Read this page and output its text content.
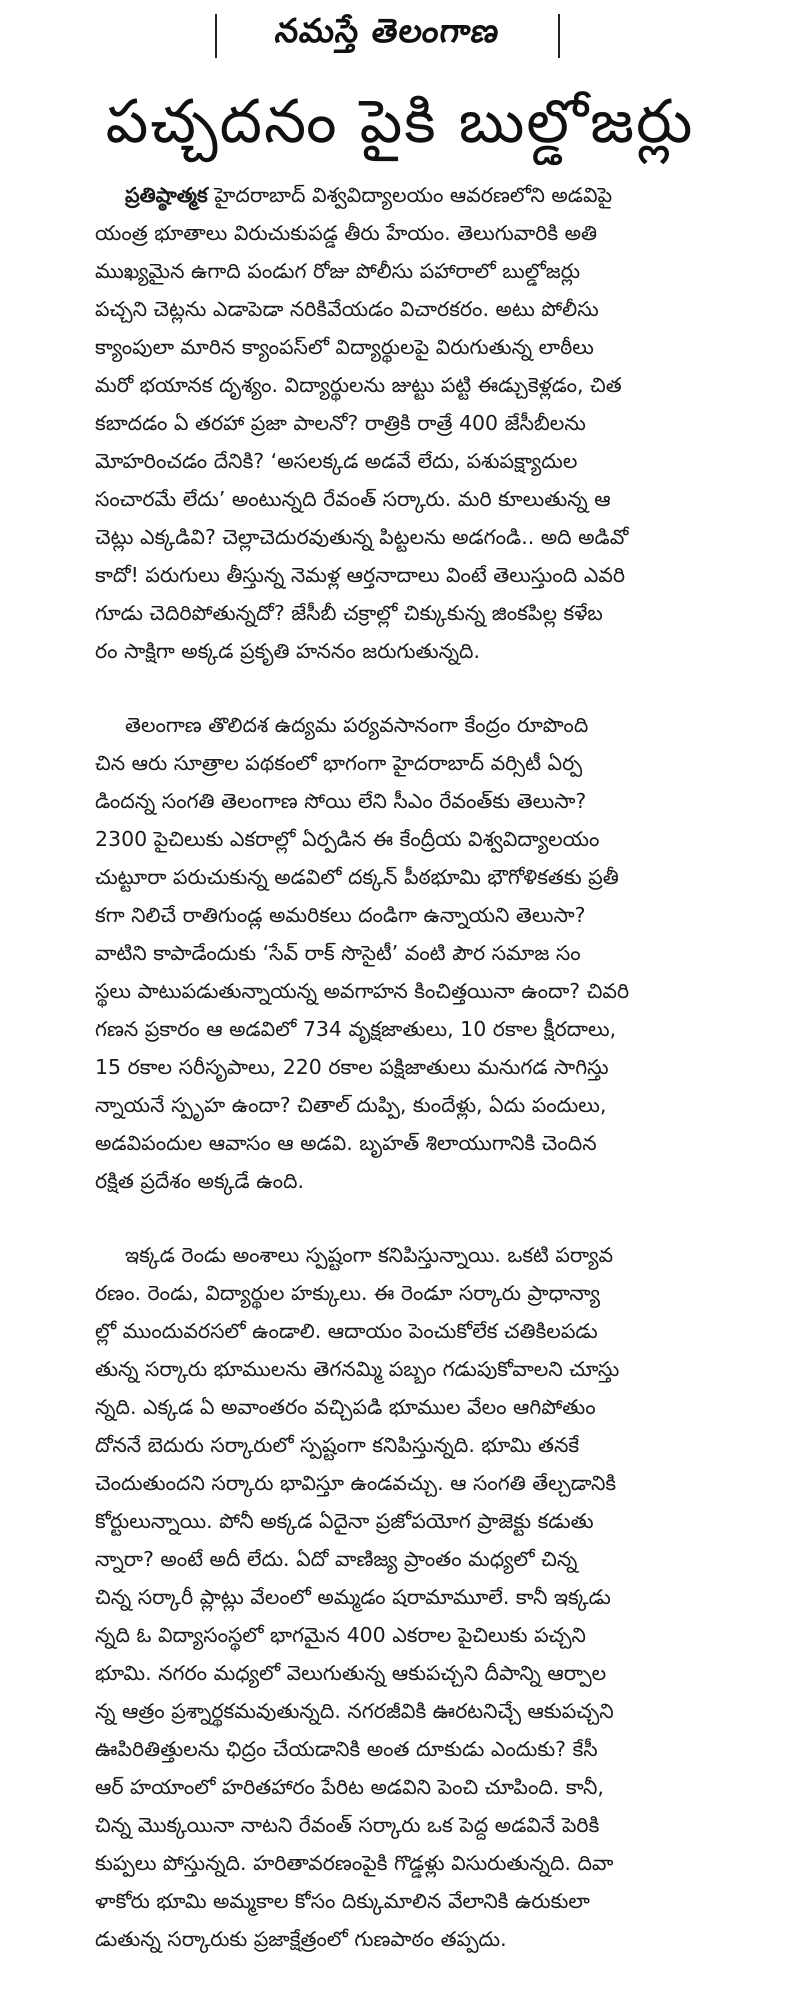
నమస్తే తెలంగాణ
పచ్చదనం పైకి బుల్డోజర్లు
ప్రతిష్ఠాత్మక హైదరాబాద్ విశ్వవిద్యాలయం ఆవరణలోని అడవిపై
యంత్ర భూతాలు విరుచుకుపడ్డ తీరు హేయం. తెలుగువారికి అతి
ముఖ్యమైన ఉగాది పండుగ రోజు పోలీసు పహారాలో బుల్డోజర్లు
పచ్చని చెట్లను ఎడాపెడా నరికివేయడం విచారకరం. అటు పోలీసు
క్యాంపులా మారిన క్యాంపస్‌లో విద్యార్థులపై విరుగుతున్న లాఠీలు
మరో భయానక దృశ్యం. విద్యార్థులను జుట్టు పట్టి ఈడ్చుకెళ్లడం, చిత
కబాదడం ఏ తరహా ప్రజా పాలనో? రాత్రికి రాత్రే 400 జేసీబీలను
మోహరించడం దేనికి? ‘అసలక్కడ అడవే లేదు, పశుపక్ష్యాదుల
సంచారమే లేదు’ అంటున్నది రేవంత్ సర్కారు. మరి కూలుతున్న ఆ
చెట్లు ఎక్కడివి? చెల్లాచెదురవుతున్న పిట్టలను అడగండి.. అది అడివో
కాదో! పరుగులు తీస్తున్న నెమళ్ల ఆర్తనాదాలు వింటే తెలుస్తుంది ఎవరి
గూడు చెదిరిపోతున్నదో? జేసీబీ చక్రాల్లో చిక్కుకున్న జింకపిల్ల కళేబ
రం సాక్షిగా అక్కడ ప్రకృతి హననం జరుగుతున్నది.
తెలంగాణ తొలిదశ ఉద్యమ పర్యవసానంగా కేంద్రం రూపొంది
చిన ఆరు సూత్రాల పథకంలో భాగంగా హైదరాబాద్ వర్సిటీ ఏర్ప
డిందన్న సంగతి తెలంగాణ సోయి లేని సీఎం రేవంత్‌కు తెలుసా?
2300 పైచిలుకు ఎకరాల్లో ఏర్పడిన ఈ కేంద్రీయ విశ్వవిద్యాలయం
చుట్టూరా పరుచుకున్న అడవిలో దక్కన్ పీఠభూమి భౌగోళికతకు ప్రతీ
కగా నిలిచే రాతిగుండ్ల అమరికలు దండిగా ఉన్నాయని తెలుసా?
వాటిని కాపాడేందుకు ‘సేవ్ రాక్ సొసైటీ’ వంటి పౌర సమాజ సం
స్థలు పాటుపడుతున్నాయన్న అవగాహన కించిత్తయినా ఉందా? చివరి
గణన ప్రకారం ఆ అడవిలో 734 వృక్షజాతులు, 10 రకాల క్షీరదాలు,
15 రకాల సరీసృపాలు, 220 రకాల పక్షిజాతులు మనుగడ సాగిస్తు
న్నాయనే స్పృహ ఉందా? చితాల్ దుప్పి, కుందేళ్లు, ఏదు పందులు,
అడవిపందుల ఆవాసం ఆ అడవి. బృహత్ శిలాయుగానికి చెందిన
రక్షిత ప్రదేశం అక్కడే ఉంది.
ఇక్కడ రెండు అంశాలు స్పష్టంగా కనిపిస్తున్నాయి. ఒకటి పర్యావ
రణం. రెండు, విద్యార్థుల హక్కులు. ఈ రెండూ సర్కారు ప్రాధాన్యా
ల్లో ముందువరసలో ఉండాలి. ఆదాయం పెంచుకోలేక చతికిలపడు
తున్న సర్కారు భూములను తెగనమ్మి పబ్బం గడుపుకోవాలని చూస్తు
న్నది. ఎక్కడ ఏ అవాంతరం వచ్చిపడి భూముల వేలం ఆగిపోతుం
దోననే బెదురు సర్కారులో స్పష్టంగా కనిపిస్తున్నది. భూమి తనకే
చెందుతుందని సర్కారు భావిస్తూ ఉండవచ్చు. ఆ సంగతి తేల్చడానికి
కోర్టులున్నాయి. పోనీ అక్కడ ఏదైనా ప్రజోపయోగ ప్రాజెక్టు కడుతు
న్నారా? అంటే అదీ లేదు. ఏదో వాణిజ్య ప్రాంతం మధ్యలో చిన్న
చిన్న సర్కారీ ప్లాట్లు వేలంలో అమ్మడం షరామామూలే. కానీ ఇక్కడు
న్నది ఓ విద్యాసంస్థలో భాగమైన 400 ఎకరాల పైచిలుకు పచ్చని
భూమి. నగరం మధ్యలో వెలుగుతున్న ఆకుపచ్చని దీపాన్ని ఆర్పాల
న్న ఆత్రం ప్రశ్నార్థకమవుతున్నది. నగరజీవికి ఊరటనిచ్చే ఆకుపచ్చని
ఊపిరితిత్తులను ఛిద్రం చేయడానికి అంత దూకుడు ఎందుకు? కేసీ
ఆర్ హయాంలో హరితహారం పేరిట అడవిని పెంచి చూపింది. కానీ,
చిన్న మొక్కయినా నాటని రేవంత్ సర్కారు ఒక పెద్ద అడవినే పెరికి
కుప్పలు పోస్తున్నది. హరితావరణంపైకి గొడ్డళ్లు విసురుతున్నది. దివా
ళాకోరు భూమి అమ్మకాల కోసం దిక్కుమాలిన వేలానికి ఉరుకులా
డుతున్న సర్కారుకు ప్రజాక్షేత్రంలో గుణపాఠం తప్పదు.
